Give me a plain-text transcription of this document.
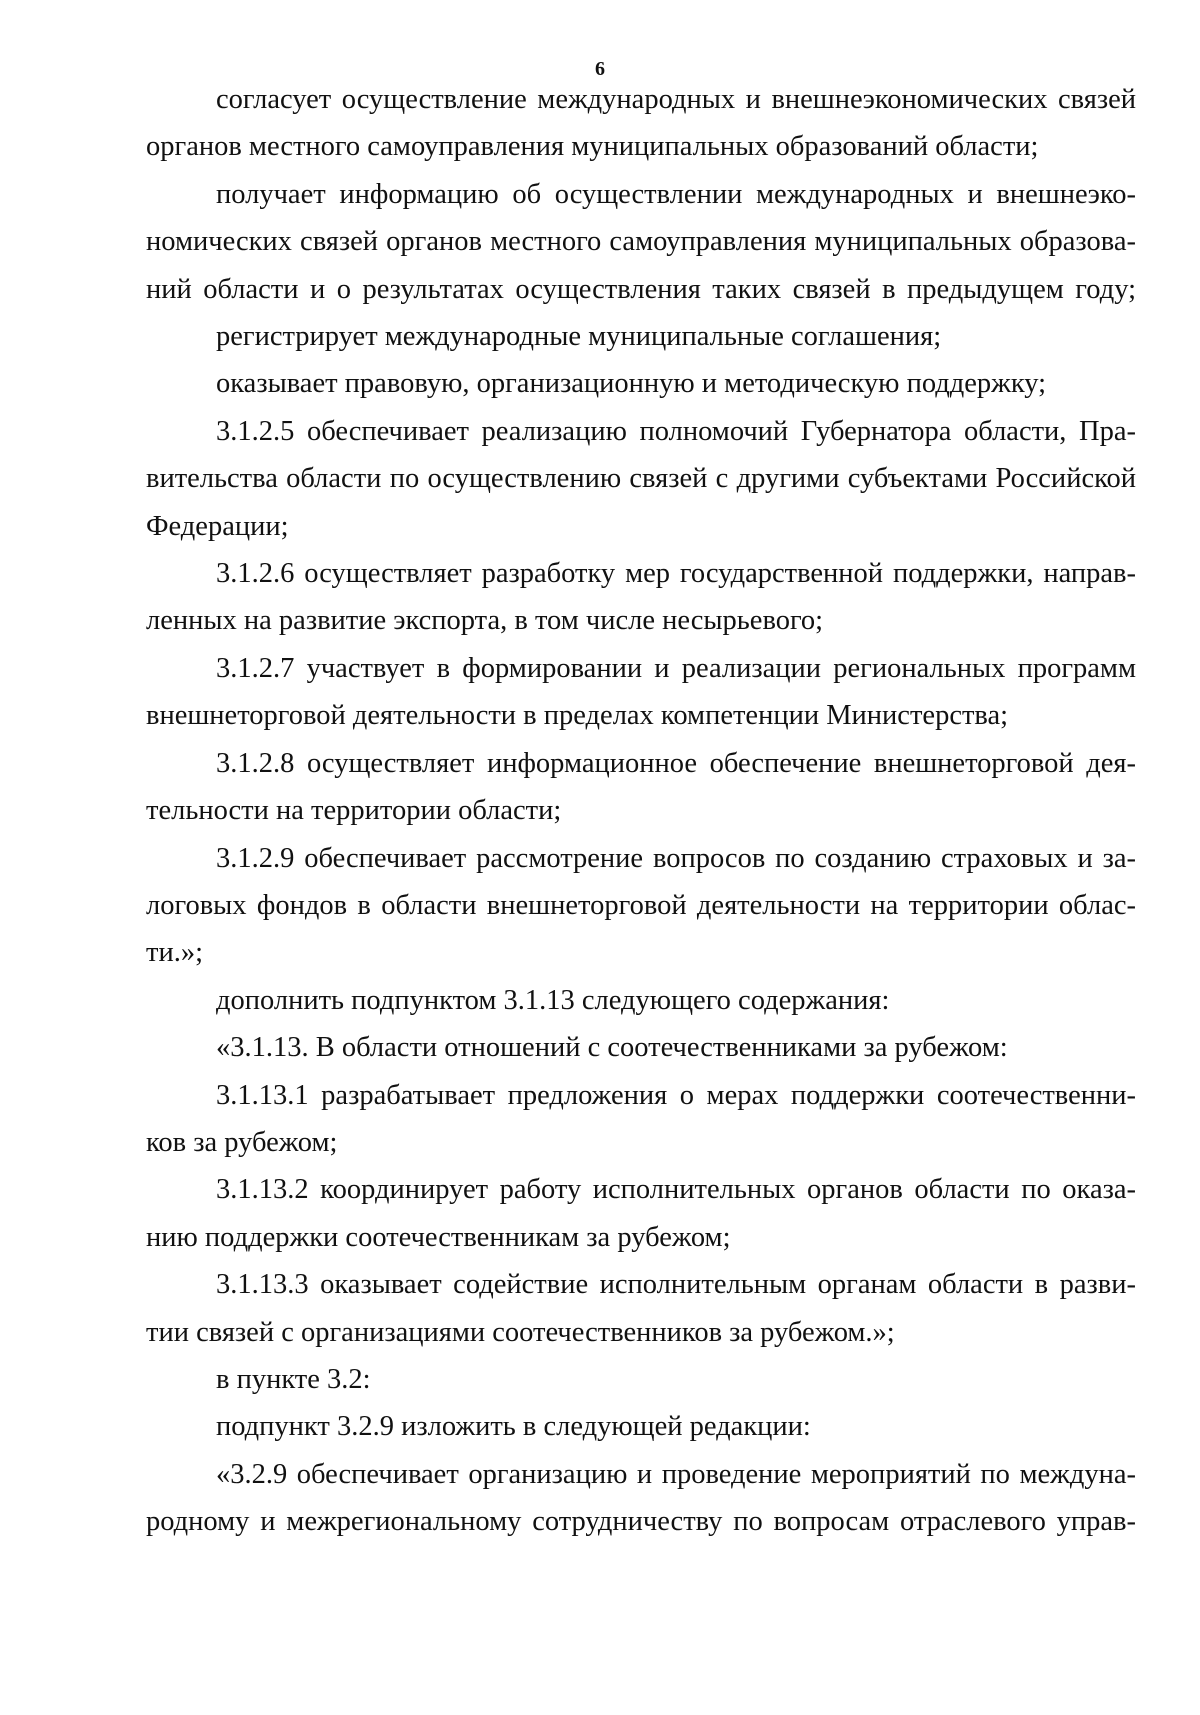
6
согласует осуществление международных и внешнеэкономических связей
органов местного самоуправления муниципальных образований области;
получает информацию об осуществлении международных и внешнеэко-
номических связей органов местного самоуправления муниципальных образова-
ний области и о результатах осуществления таких связей в предыдущем году;
регистрирует международные муниципальные соглашения;
оказывает правовую, организационную и методическую поддержку;
3.1.2.5 обеспечивает реализацию полномочий Губернатора области, Пра-
вительства области по осуществлению связей с другими субъектами Российской
Федерации;
3.1.2.6 осуществляет разработку мер государственной поддержки, направ-
ленных на развитие экспорта, в том числе несырьевого;
3.1.2.7 участвует в формировании и реализации региональных программ
внешнеторговой деятельности в пределах компетенции Министерства;
3.1.2.8 осуществляет информационное обеспечение внешнеторговой дея-
тельности на территории области;
3.1.2.9 обеспечивает рассмотрение вопросов по созданию страховых и за-
логовых фондов в области внешнеторговой деятельности на территории облас-
ти.»;
дополнить подпунктом 3.1.13 следующего содержания:
«3.1.13. В области отношений с соотечественниками за рубежом:
3.1.13.1 разрабатывает предложения о мерах поддержки соотечественни-
ков за рубежом;
3.1.13.2 координирует работу исполнительных органов области по оказа-
нию поддержки соотечественникам за рубежом;
3.1.13.3 оказывает содействие исполнительным органам области в разви-
тии связей с организациями соотечественников за рубежом.»;
в пункте 3.2:
подпункт 3.2.9 изложить в следующей редакции:
«3.2.9 обеспечивает организацию и проведение мероприятий по междуна-
родному и межрегиональному сотрудничеству по вопросам отраслевого управ-
